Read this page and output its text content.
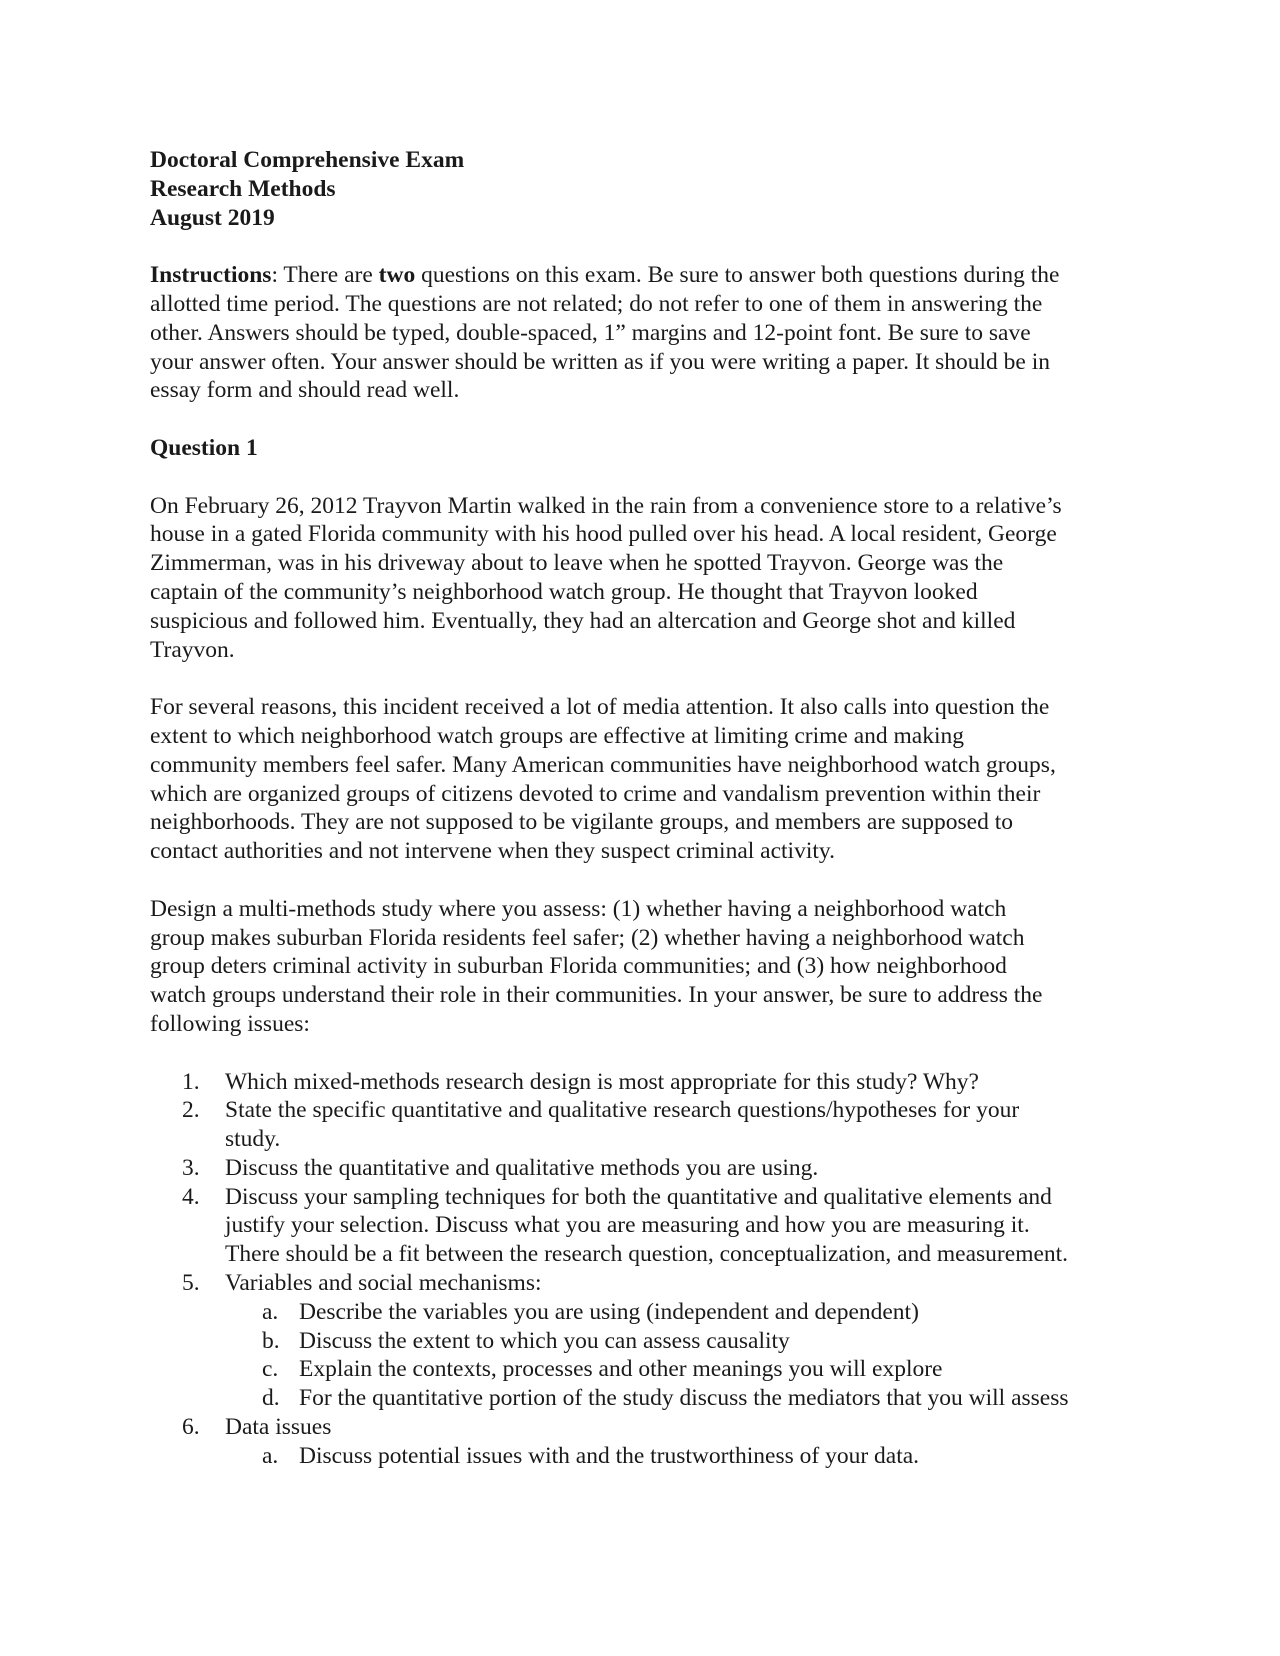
Doctoral Comprehensive Exam

Research Methods

August 2019

Instructions: There are two questions on this exam. Be sure to answer both questions during the
allotted time period. The questions are not related; do not refer to one of them in answering the
other. Answers should be typed, double-spaced, 1” margins and 12-point font. Be sure to save
your answer often. Your answer should be written as if you were writing a paper. It should be in
essay form and should read well.

Question 1

On February 26, 2012 Trayvon Martin walked in the rain from a convenience store to a relative’s
house in a gated Florida community with his hood pulled over his head. A local resident, George
Zimmerman, was in his driveway about to leave when he spotted Trayvon. George was the
captain of the community’s neighborhood watch group. He thought that Trayvon looked
suspicious and followed him. Eventually, they had an altercation and George shot and killed
Trayvon.

For several reasons, this incident received a lot of media attention. It also calls into question the
extent to which neighborhood watch groups are effective at limiting crime and making
community members feel safer. Many American communities have neighborhood watch groups,
which are organized groups of citizens devoted to crime and vandalism prevention within their
neighborhoods. They are not supposed to be vigilante groups, and members are supposed to
contact authorities and not intervene when they suspect criminal activity.

Design a multi-methods study where you assess: (1) whether having a neighborhood watch
group makes suburban Florida residents feel safer; (2) whether having a neighborhood watch
group deters criminal activity in suburban Florida communities; and (3) how neighborhood
watch groups understand their role in their communities. In your answer, be sure to address the
following issues:

1.	Which mixed-methods research design is most appropriate for this study? Why?
2.	State the specific quantitative and qualitative research questions/hypotheses for your
study.
3.	Discuss the quantitative and qualitative methods you are using.
4.	Discuss your sampling techniques for both the quantitative and qualitative elements and
justify your selection. Discuss what you are measuring and how you are measuring it.
There should be a fit between the research question, conceptualization, and measurement.
5.	Variables and social mechanisms:
a. Describe the variables you are using (independent and dependent)
b. Discuss the extent to which you can assess causality
c. Explain the contexts, processes and other meanings you will explore
d. For the quantitative portion of the study discuss the mediators that you will assess
6.	Data issues
a. Discuss potential issues with and the trustworthiness of your data.
